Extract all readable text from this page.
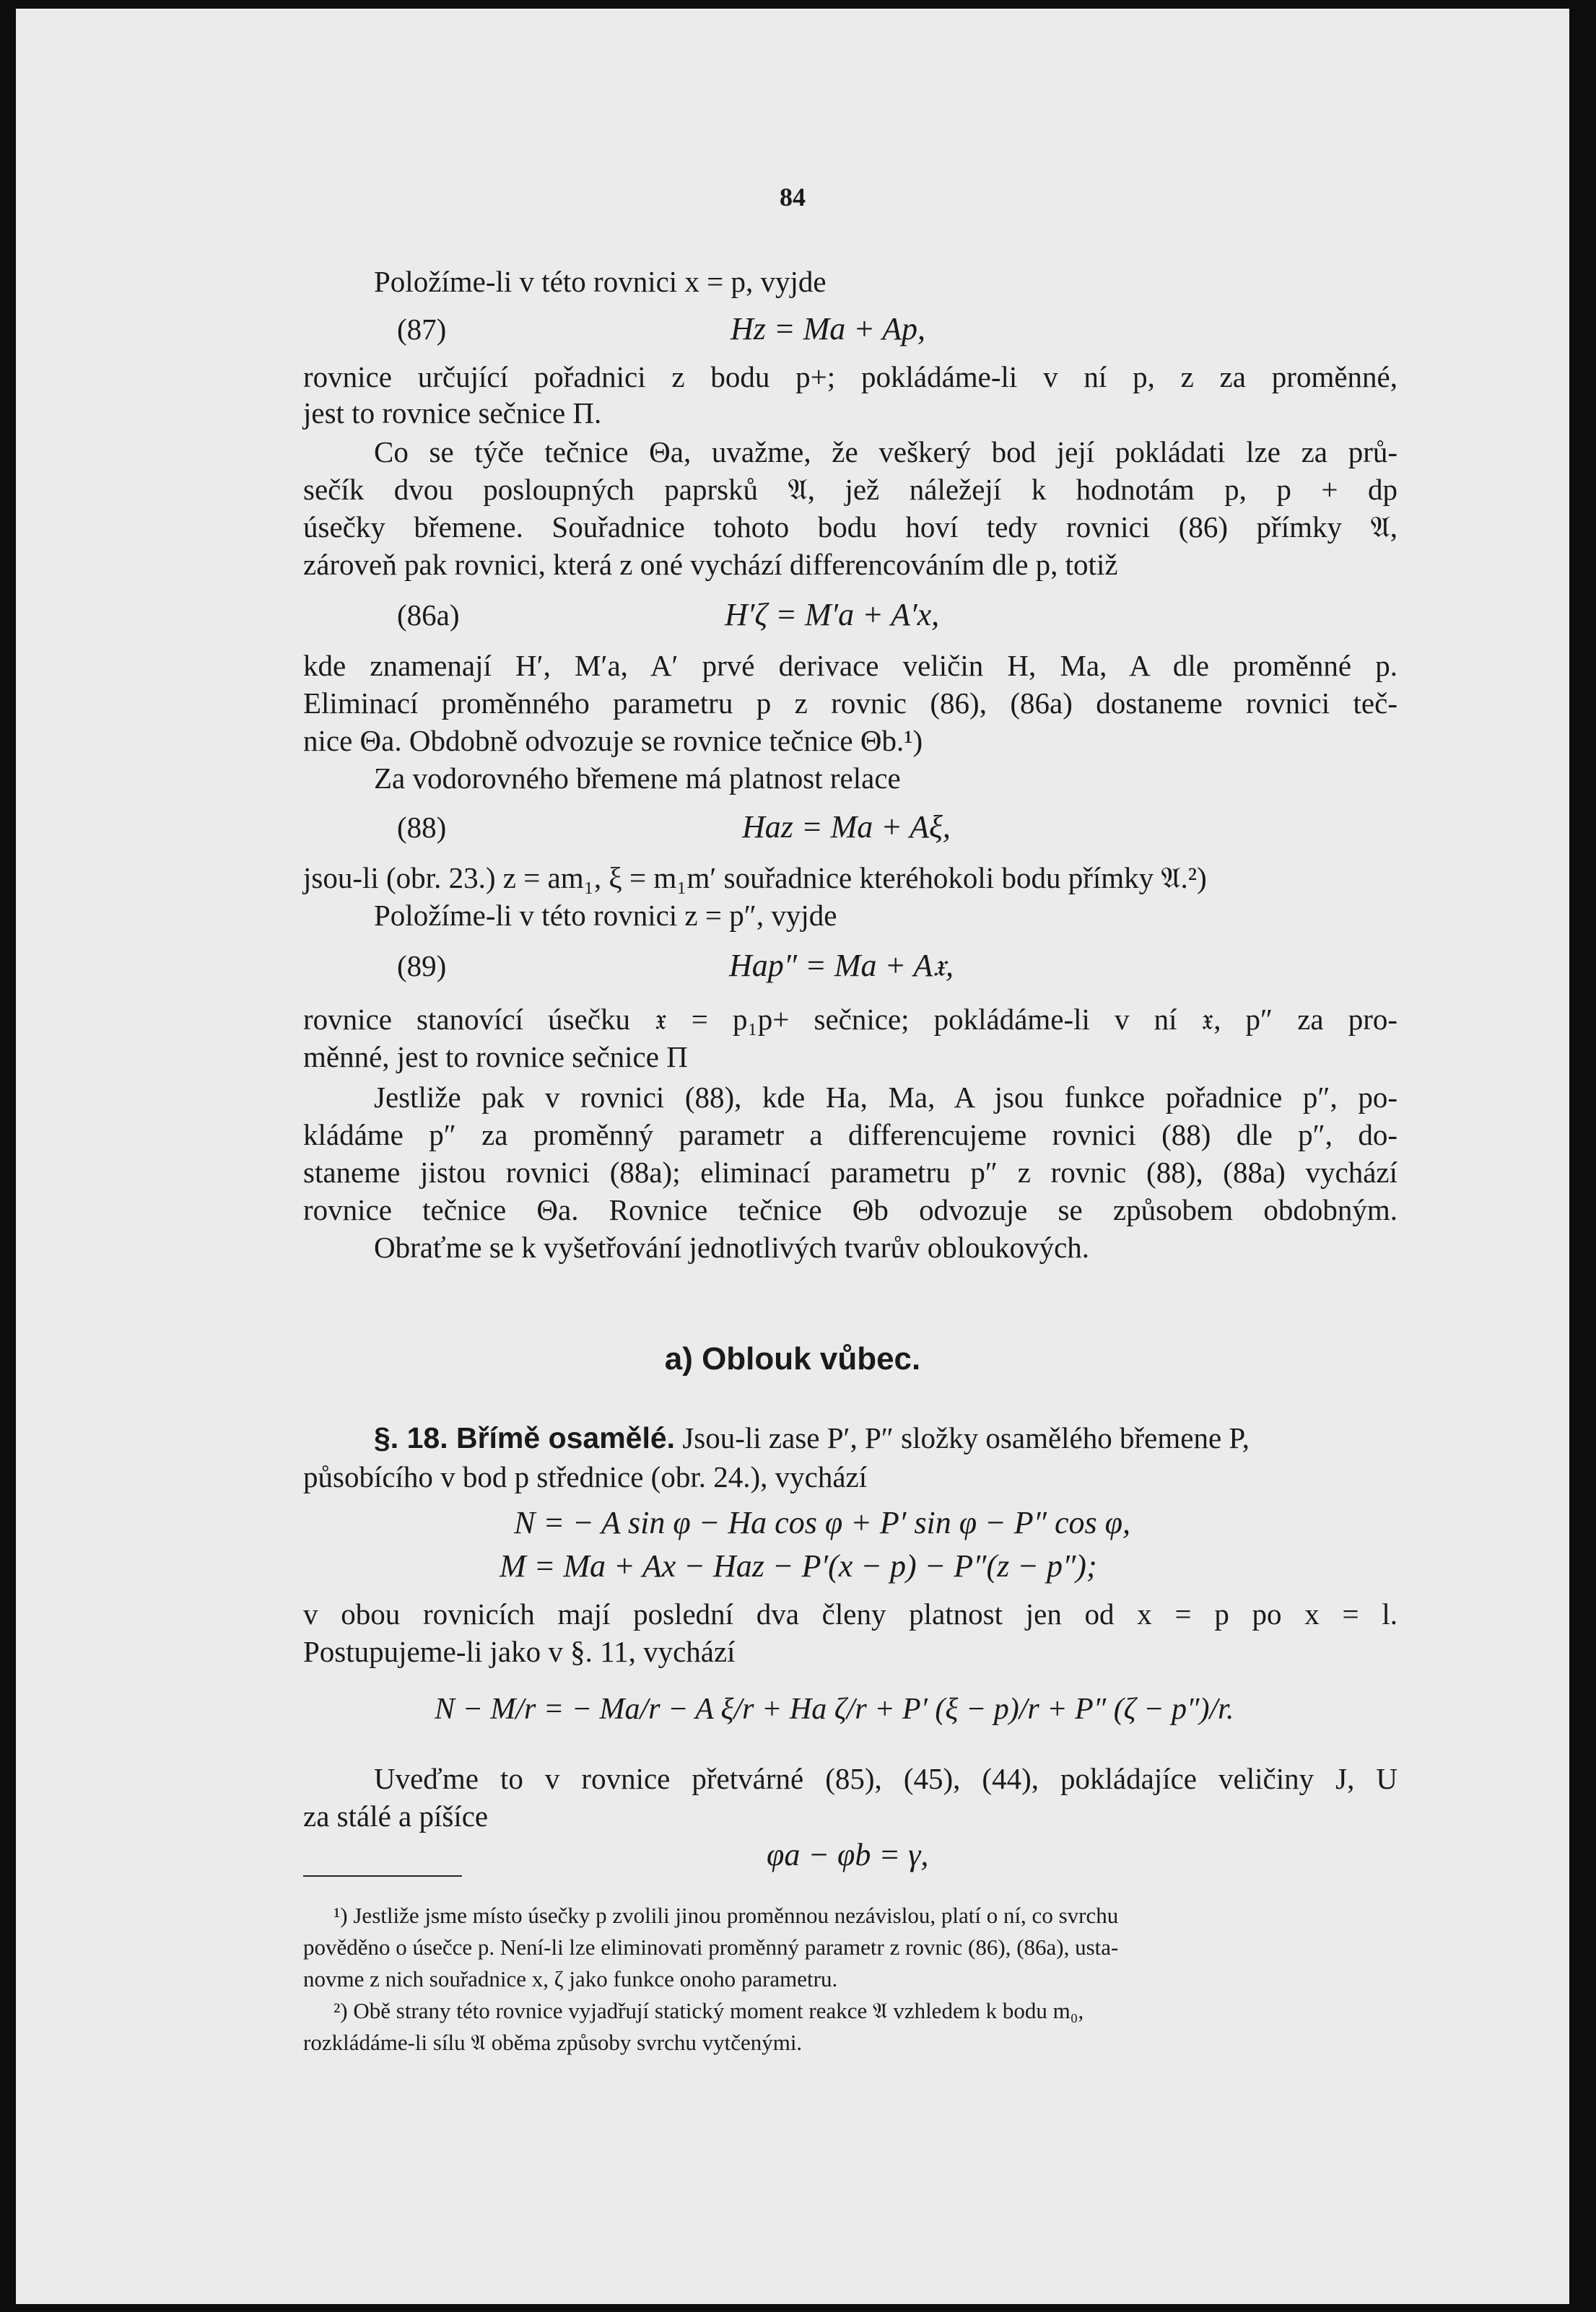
84
Položíme-li v této rovnici x = p, vyjde
(87)	Hz = Ma + Ap,
rovnice určující pořadnici z bodu p+; pokládáme-li v ní p, z za proměnné,
jest to rovnice sečnice Π.
Co se týče tečnice Θa, uvažme, že veškerý bod její pokládati lze za prů-
sečík dvou posloupných paprsků 𝔄, jež náležejí k hodnotám p, p + dp
úsečky břemene. Souřadnice tohoto bodu hoví tedy rovnici (86) přímky 𝔄,
zároveň pak rovnici, která z oné vychází differencováním dle p, totiž
(86a)	H′ζ = M′a + A′x,
kde znamenají H′, M′a, A′ prvé derivace veličin H, Ma, A dle proměnné p.
Eliminací proměnného parametru p z rovnic (86), (86a) dostaneme rovnici teč-
nice Θa. Obdobně odvozuje se rovnice tečnice Θb.¹)
Za vodorovného břemene má platnost relace
(88)	Haz = Ma + Aξ,
jsou-li (obr. 23.) z = am₁, ξ = m₁m′ souřadnice kteréhokoli bodu přímky 𝔄.²)
Položíme-li v této rovnici z = p″, vyjde
(89)	Hap″ = Ma + A𝔵,
rovnice stanovící úsečku 𝔵 = p₁p+ sečnice; pokládáme-li v ní 𝔵, p″ za pro-
měnné, jest to rovnice sečnice Π
Jestliže pak v rovnici (88), kde Ha, Ma, A jsou funkce pořadnice p″, po-
kládáme p″ za proměnný parametr a differencujeme rovnici (88) dle p″, do-
staneme jistou rovnici (88a); eliminací parametru p″ z rovnic (88), (88a) vychází
rovnice tečnice Θa. Rovnice tečnice Θb odvozuje se způsobem obdobným.
Obraťme se k vyšetřování jednotlivých tvarův obloukových.
a) Oblouk vůbec.
§. 18. Břímě osamělé. Jsou-li zase P′, P″ složky osamělého břemene P,
působícího v bod p střednice (obr. 24.), vychází
N = − A sin φ − Ha cos φ + P′ sin φ − P″ cos φ,
M = Ma + Ax − Haz − P′(x − p) − P″(z − p″);
v obou rovnicích mají poslední dva členy platnost jen od x = p po x = l.
Postupujeme-li jako v §. 11, vychází
N − M/r = − Ma/r − A ξ/r + Ha ζ/r + P′ (ξ − p)/r + P″ (ζ − p″)/r.
Uveďme to v rovnice přetvárné (85), (45), (44), pokládajíce veličiny J, U
za stálé a píšíce
φa − φb = γ,
¹) Jestliže jsme místo úsečky p zvolili jinou proměnnou nezávislou, platí o ní, co svrchu
pověděno o úsečce p. Není-li lze eliminovati proměnný parametr z rovnic (86), (86a), usta-
novme z nich souřadnice x, ζ jako funkce onoho parametru.
²) Obě strany této rovnice vyjadřují statický moment reakce 𝔄 vzhledem k bodu m₀,
rozkládáme-li sílu 𝔄 oběma způsoby svrchu vytčenými.
